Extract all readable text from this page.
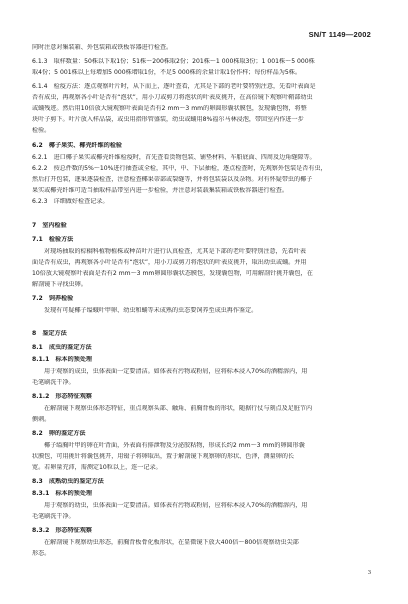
SN/T 1149—2002
同时注意对集装箱、外包装箱或铁板容器进行检查。
6.1.3　取样数量：50株以下取1份；51株～200株取2份；201株～1 000株取3份；1 001株～5 000株
取4份；5 001株以上每增加5 000株增取1份，不足5 000株的余量计取1份作样；每份样品为5株。
6.1.4　检疫方法：逐点观察叶片时，从下而上，逐叶查看，尤其是下部的老叶要特别注意，先看叶表面是
否有成虫，再观察各小叶是否有“泡状”，用小刀或剪刀将泡状的叶表皮挑开，在高倍镜下观察叶鞘部幼虫
或蛹残迹。然后用10倍放大镜观察叶表面是否有2 mm～3 mm的卵圆形囊状膜包，发现囊包物，将整
块叶子剪下。叶片放入样品袋，或虫用指形管盛装，幼虫或蛹用8%福尔马林浸泡，带回室内作进一步
检验。
6.2　椰子果实、椰壳纤维的检验
6.2.1　进口椰子果实或椰壳纤维检疫时，首先查看货物包装、铺垫材料、车船底面、四周及边角缝隙等。
6.2.2　按总件数的5%～10%进行抽查或全检，其中，中、下层抽检，逐点检查时，先观察外包装是否有虫，
然后打开包装，逐果逐袋检查，注意检查椰果蒂部或裂缝等，并将包装袋以及杂物。对有怀疑带虫的椰子
果实或椰壳纤维可适当抽取样品带室内进一步检验，并注意对装载集装箱或铁板容器进行检查。
6.2.3　详细做好检查记录。
7　室内检验
7.1　检验方法
对现场抽取的棕榈科植物植株或种苗叶片进行认真检查，尤其是下部的老叶要特别注意，先看叶表
面是否有成虫，再观察各小叶是否有“泡状”，用小刀或剪刀将泡状的叶表皮挑开，取出幼虫或蛹。并用
10倍放大镜观察叶表面是否有2 mm～3 mm卵圆形囊状态膜包，发现囊包物，可用解剖针挑开囊包，在
解剖镜下寻找虫卵。
7.2　饲养检验
发现有可疑椰子缢蛾叶甲卵、幼虫和蛹等未成熟的虫态要饲养至成虫再作鉴定。
8　鉴定方法
8.1　成虫的鉴定方法
8.1.1　标本的预处理
用于观察的成虫，虫体表面一定要清洁。如体表有污物或粉屑，应将标本浸入70%的酒精溶内，用
毛笔刷洗干净。
8.1.2　形态特征观察
在解剖镜下观察虫体形态特征，重点观察头部、触角、前胸背板的形状，随据行仗与刻点及足脏节内
侧刺。
8.2　卵的鉴定方法
椰子缢胸叶甲的卵在叶背面，外表面有排泄物及分泌胶粘物，形成长约2 mm～3 mm的卵圆形囊
状膜包，可用挑针将囊包挑开，用镊子将卵取出，置于解剖镜下观察卵的形状、色泽，测量卵的长
宽。若卵量充沛，需测定10粒以上，连一记录。
8.3　成熟幼虫的鉴定方法
8.3.1　标本的预处理
用于观察的幼虫，虫体表面一定要清洁。如体表有污物或粉屑，应将标本浸入70%的酒精溶内，用
毛笔刷洗干净。
8.3.2　形态特征观察
在解剖镜下观察幼虫形态，前胸背板骨化板形状，在显微镜下放大400倍～800倍观察幼虫尖部
形态。
3
